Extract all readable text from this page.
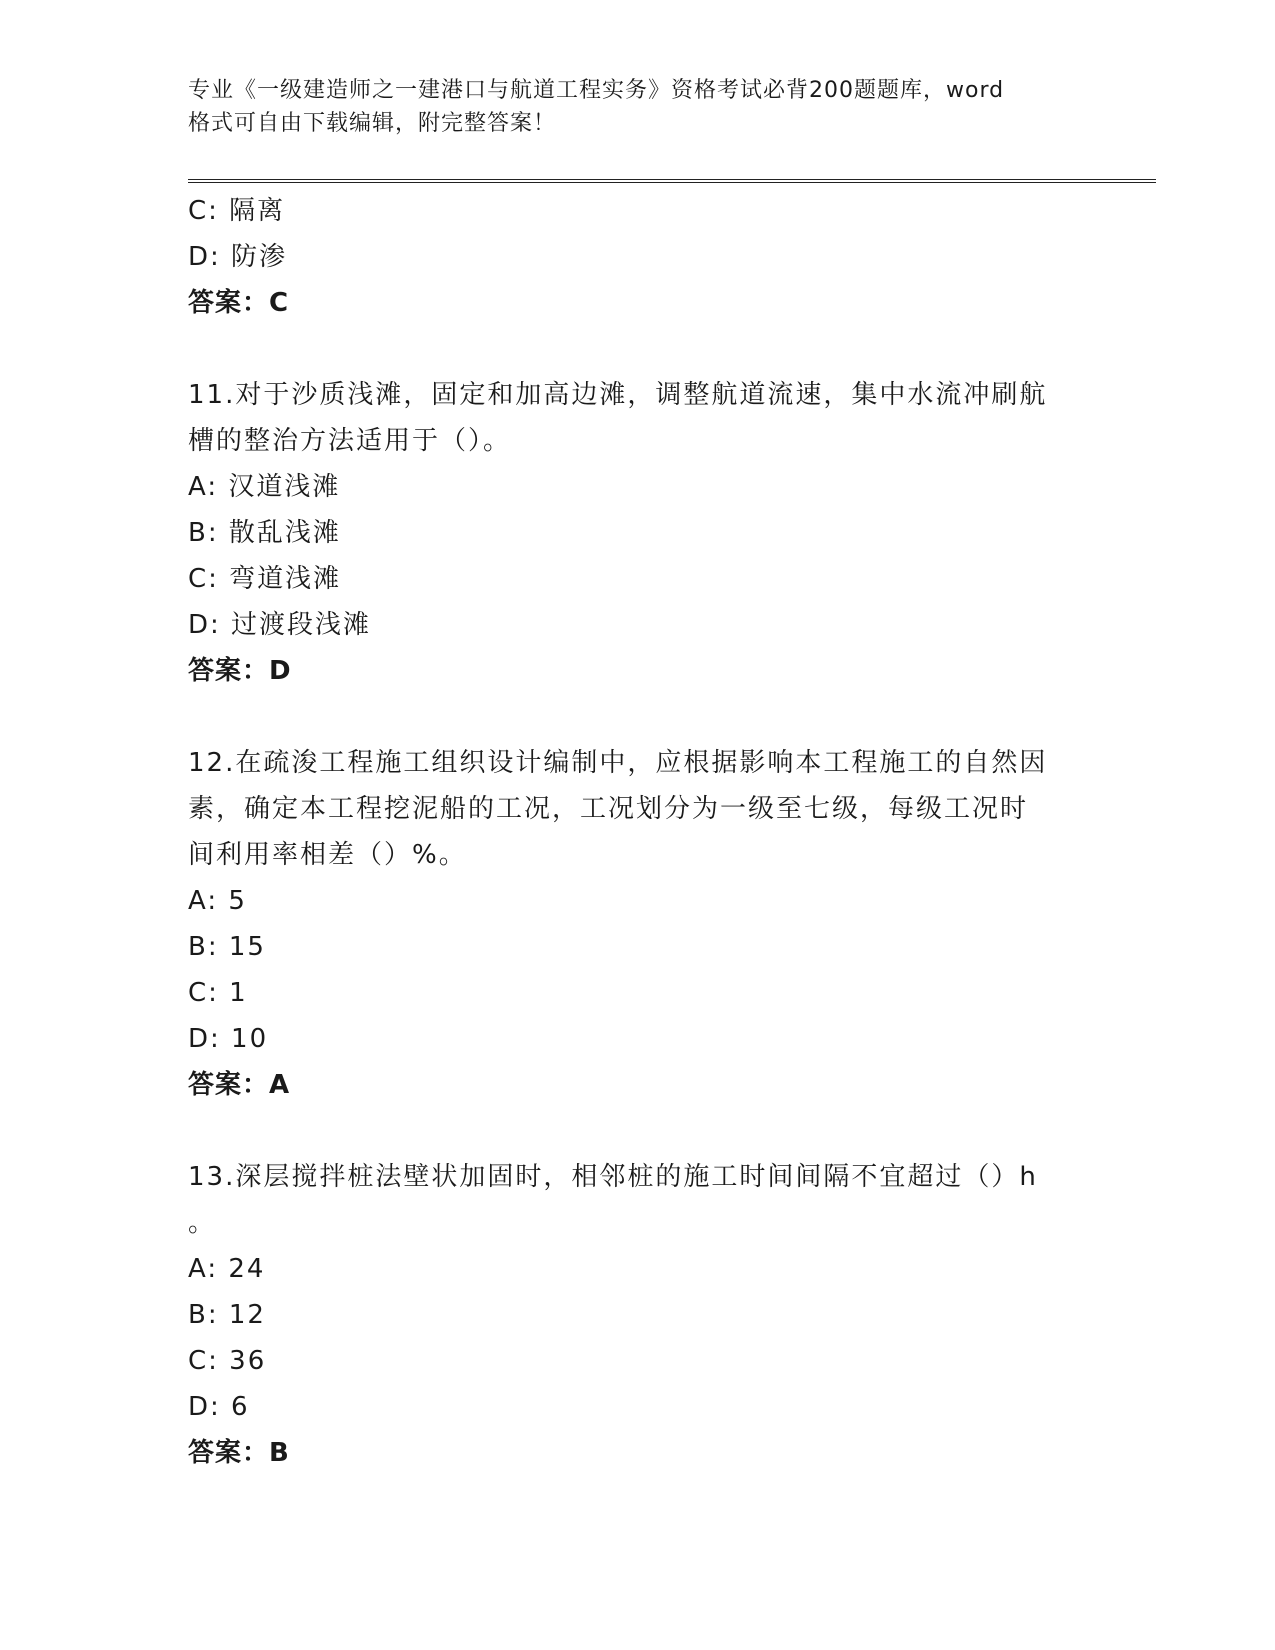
专业《一级建造师之一建港口与航道工程实务》资格考试必背200题题库，word
格式可自由下载编辑，附完整答案！
C: 隔离
D: 防渗
答案：C
11.对于沙质浅滩，固定和加高边滩，调整航道流速，集中水流冲刷航
槽的整治方法适用于（）。
A: 汉道浅滩
B: 散乱浅滩
C: 弯道浅滩
D: 过渡段浅滩
答案：D
12.在疏浚工程施工组织设计编制中，应根据影响本工程施工的自然因
素，确定本工程挖泥船的工况，工况划分为一级至七级，每级工况时
间利用率相差（）%。
A: 5
B: 15
C: 1
D: 10
答案：A
13.深层搅拌桩法壁状加固时，相邻桩的施工时间间隔不宜超过（）h
。
A: 24
B: 12
C: 36
D: 6
答案：B
